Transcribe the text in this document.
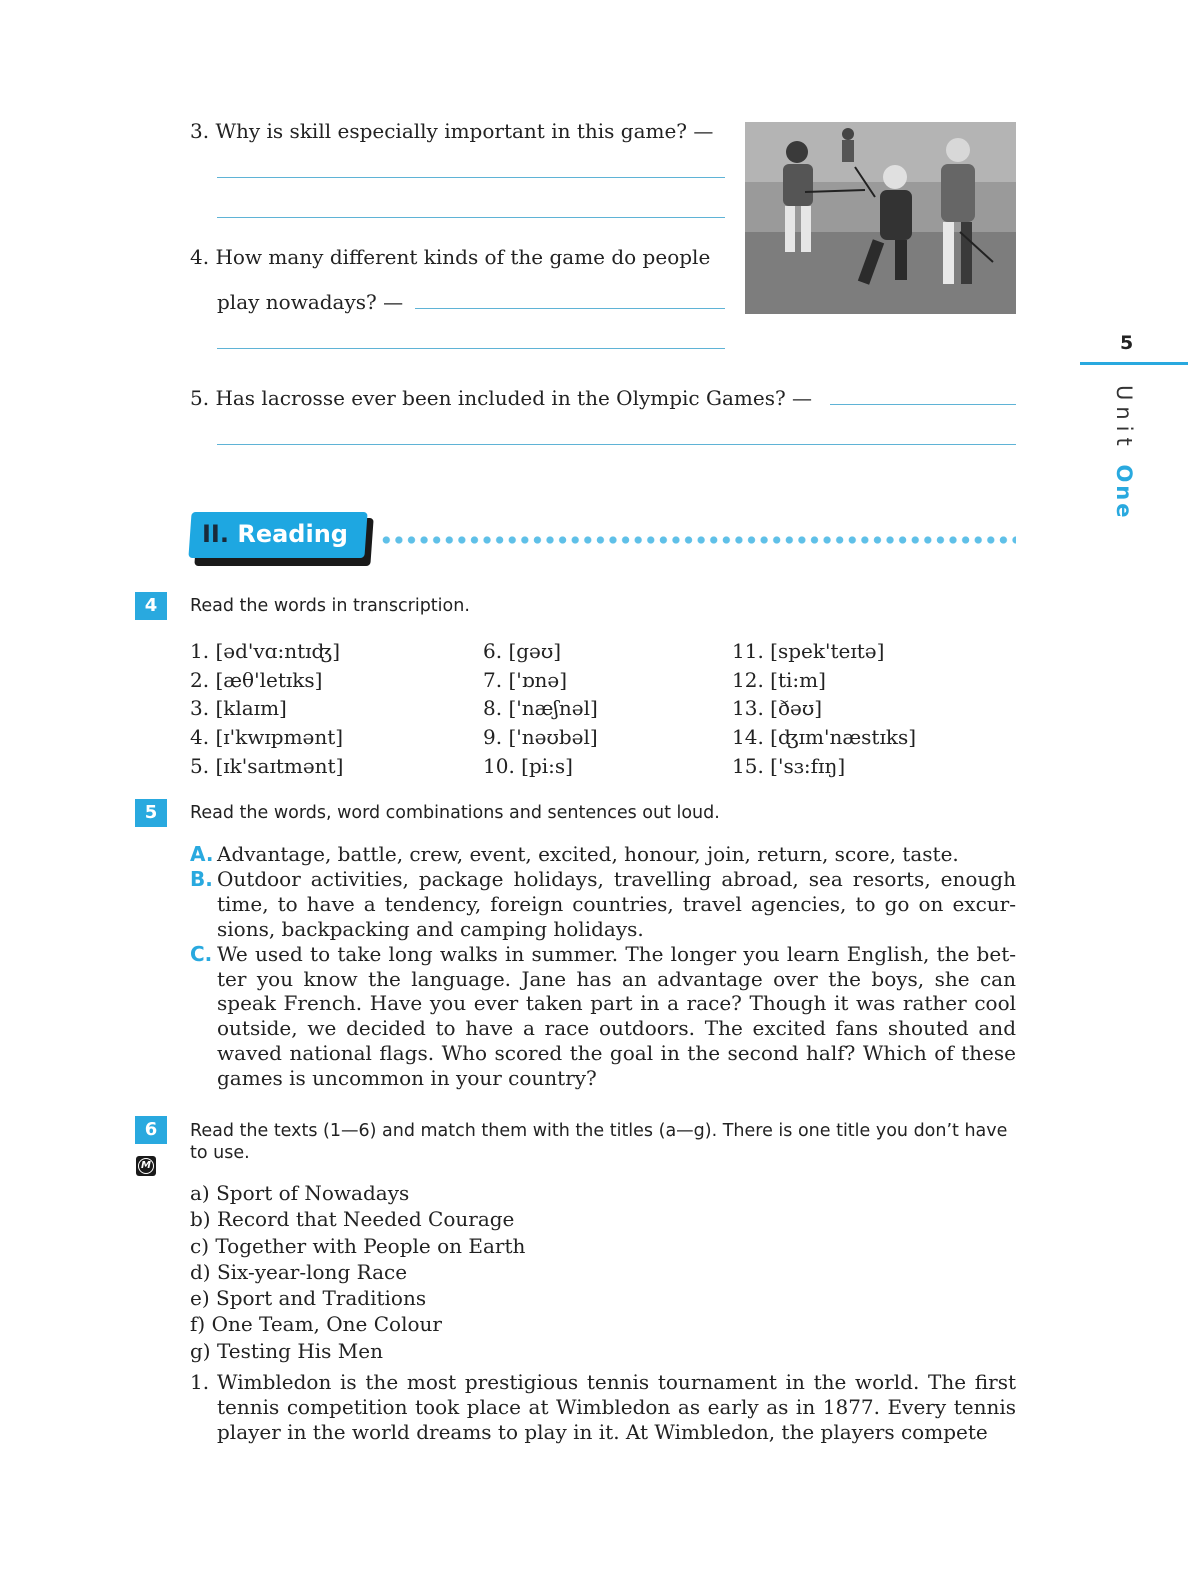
3. Why is skill especially important in this game? —
4. How many different kinds of the game do people
play nowadays? —
5. Has lacrosse ever been included in the Olympic Games? —
5
Unit One
II. Reading
4	Read the words in transcription.
1. [əd'vɑ:ntɪʤ]
2. [æθ'letɪks]
3. [klaɪm]
4. [ɪ'kwɪpmənt]
5. [ɪk'saɪtmənt]
6. [gəʊ]
7. ['ɒnə]
8. ['næʃnəl]
9. ['nəʊbəl]
10. [pi:s]
11. [spek'teɪtə]
12. [ti:m]
13. [ðəʊ]
14. [ʤɪm'næstɪks]
15. ['sɜ:fɪŋ]
5	Read the words, word combinations and sentences out loud.
A. Advantage, battle, crew, event, excited, honour, join, return, score, taste.
B. Outdoor activities, package holidays, travelling abroad, sea resorts, enough time, to have a tendency, foreign countries, travel agencies, to go on excursions, backpacking and camping holidays.
C. We used to take long walks in summer. The longer you learn English, the better you know the language. Jane has an advantage over the boys, she can speak French. Have you ever taken part in a race? Though it was rather cool outside, we decided to have a race outdoors. The excited fans shouted and waved national flags. Who scored the goal in the second half? Which of these games is uncommon in your country?
6
M
Read the texts (1—6) and match them with the titles (a—g). There is one title you don’t have to use.
a) Sport of Nowadays
b) Record that Needed Courage
c) Together with People on Earth
d) Six-year-long Race
e) Sport and Traditions
f) One Team, One Colour
g) Testing His Men
1. Wimbledon is the most prestigious tennis tournament in the world. The first tennis competition took place at Wimbledon as early as in 1877. Every tennis player in the world dreams to play in it. At Wimbledon, the players compete
